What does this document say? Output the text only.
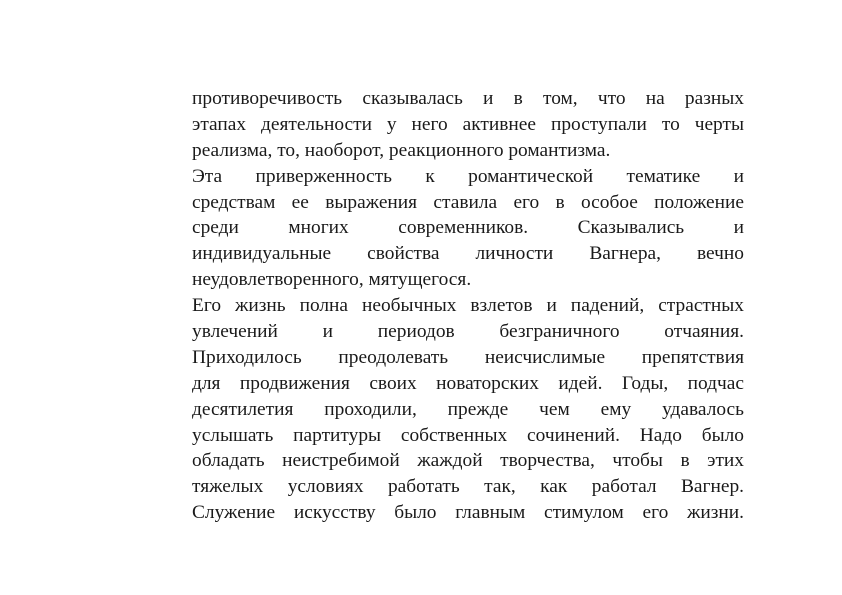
противоречивость сказывалась и в том, что на разных
этапах деятельности у него активнее проступали то черты
реализма, то, наоборот, реакционного романтизма.
Эта приверженность к романтической тематике и
средствам ее выражения ставила его в особое положение
среди многих современников. Сказывались и
индивидуальные свойства личности Вагнера, вечно
неудовлетворенного, мятущегося.
Его жизнь полна необычных взлетов и падений, страстных
увлечений и периодов безграничного отчаяния.
Приходилось преодолевать неисчислимые препятствия
для продвижения своих новаторских идей. Годы, подчас
десятилетия проходили, прежде чем ему удавалось
услышать партитуры собственных сочинений. Надо было
обладать неистребимой жаждой творчества, чтобы в этих
тяжелых условиях работать так, как работал Вагнер.
Служение искусству было главным стимулом его жизни.
